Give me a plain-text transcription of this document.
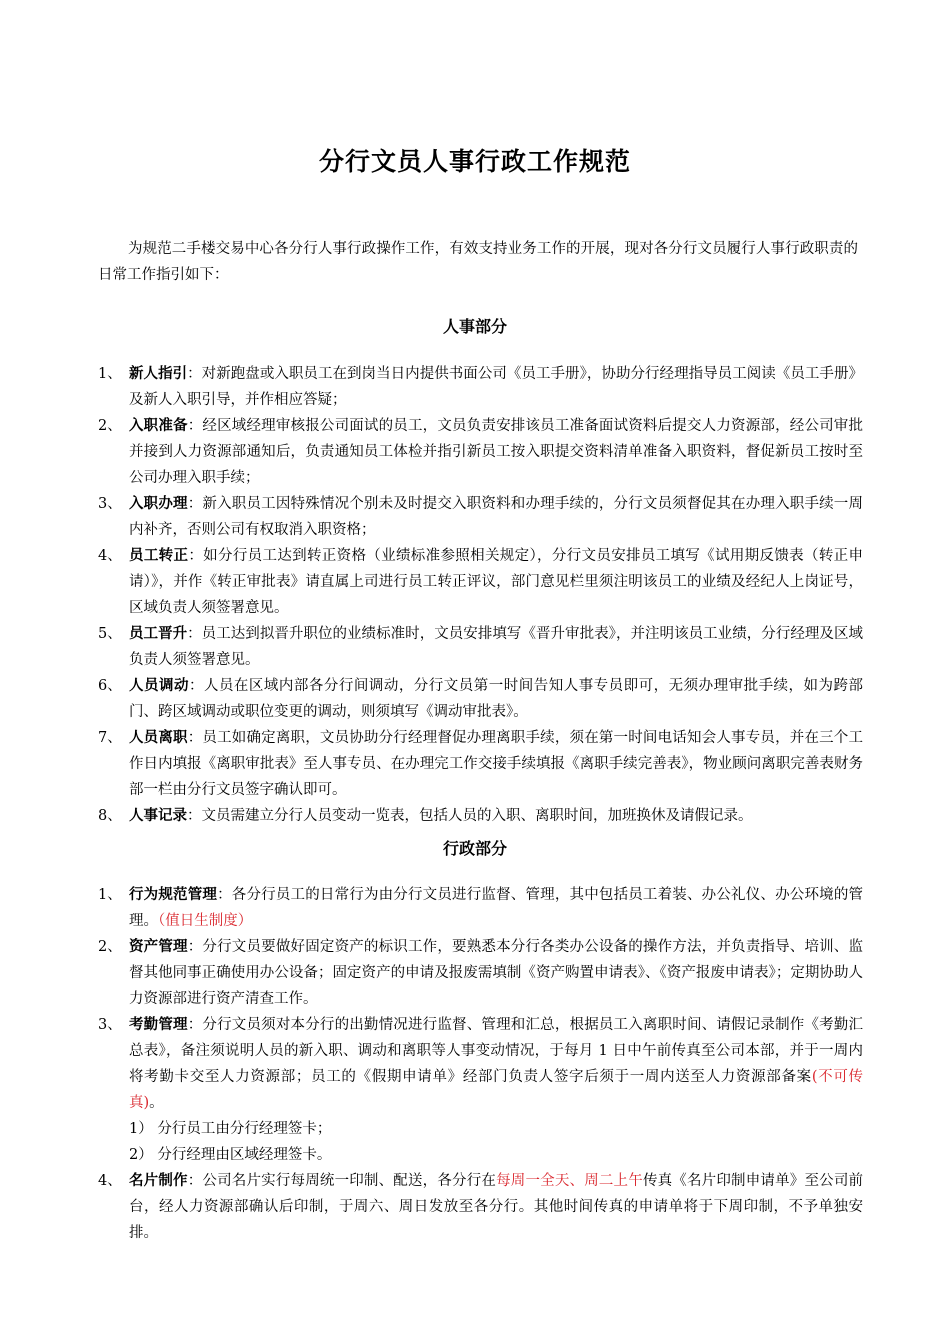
分行文员人事行政工作规范
为规范二手楼交易中心各分行人事行政操作工作，有效支持业务工作的开展，现对各分行文员履行人事行政职责的日常工作指引如下：
人事部分
1、 新人指引：对新跑盘或入职员工在到岗当日内提供书面公司《员工手册》，协助分行经理指导员工阅读《员工手册》及新人入职引导，并作相应答疑；
2、 入职准备：经区域经理审核报公司面试的员工，文员负责安排该员工准备面试资料后提交人力资源部，经公司审批并接到人力资源部通知后，负责通知员工体检并指引新员工按入职提交资料清单准备入职资料，督促新员工按时至公司办理入职手续；
3、 入职办理：新入职员工因特殊情况个别未及时提交入职资料和办理手续的，分行文员须督促其在办理入职手续一周内补齐，否则公司有权取消入职资格；
4、 员工转正：如分行员工达到转正资格（业绩标准参照相关规定），分行文员安排员工填写《试用期反馈表（转正申请）》，并作《转正审批表》请直属上司进行员工转正评议，部门意见栏里须注明该员工的业绩及经纪人上岗证号，区域负责人须签署意见。
5、 员工晋升：员工达到拟晋升职位的业绩标准时，文员安排填写《晋升审批表》，并注明该员工业绩，分行经理及区域负责人须签署意见。
6、 人员调动：人员在区域内部各分行间调动，分行文员第一时间告知人事专员即可，无须办理审批手续，如为跨部门、跨区域调动或职位变更的调动，则须填写《调动审批表》。
7、 人员离职：员工如确定离职，文员协助分行经理督促办理离职手续，须在第一时间电话知会人事专员，并在三个工作日内填报《离职审批表》至人事专员、在办理完工作交接手续填报《离职手续完善表》，物业顾问离职完善表财务部一栏由分行文员签字确认即可。
8、 人事记录：文员需建立分行人员变动一览表，包括人员的入职、离职时间，加班换休及请假记录。
行政部分
1、 行为规范管理：各分行员工的日常行为由分行文员进行监督、管理，其中包括员工着装、办公礼仪、办公环境的管理。（值日生制度）
2、 资产管理：分行文员要做好固定资产的标识工作，要熟悉本分行各类办公设备的操作方法，并负责指导、培训、监督其他同事正确使用办公设备；固定资产的申请及报废需填制《资产购置申请表》、《资产报废申请表》；定期协助人力资源部进行资产清查工作。
3、 考勤管理：分行文员须对本分行的出勤情况进行监督、管理和汇总，根据员工入离职时间、请假记录制作《考勤汇总表》，备注须说明人员的新入职、调动和离职等人事变动情况，于每月 1 日中午前传真至公司本部，并于一周内将考勤卡交至人力资源部；员工的《假期申请单》经部门负责人签字后须于一周内送至人力资源部备案(不可传真)。
1） 分行员工由分行经理签卡；
2） 分行经理由区域经理签卡。
4、 名片制作：公司名片实行每周统一印制、配送，各分行在每周一全天、周二上午传真《名片印制申请单》至公司前台，经人力资源部确认后印制，于周六、周日发放至各分行。其他时间传真的申请单将于下周印制，不予单独安排。
